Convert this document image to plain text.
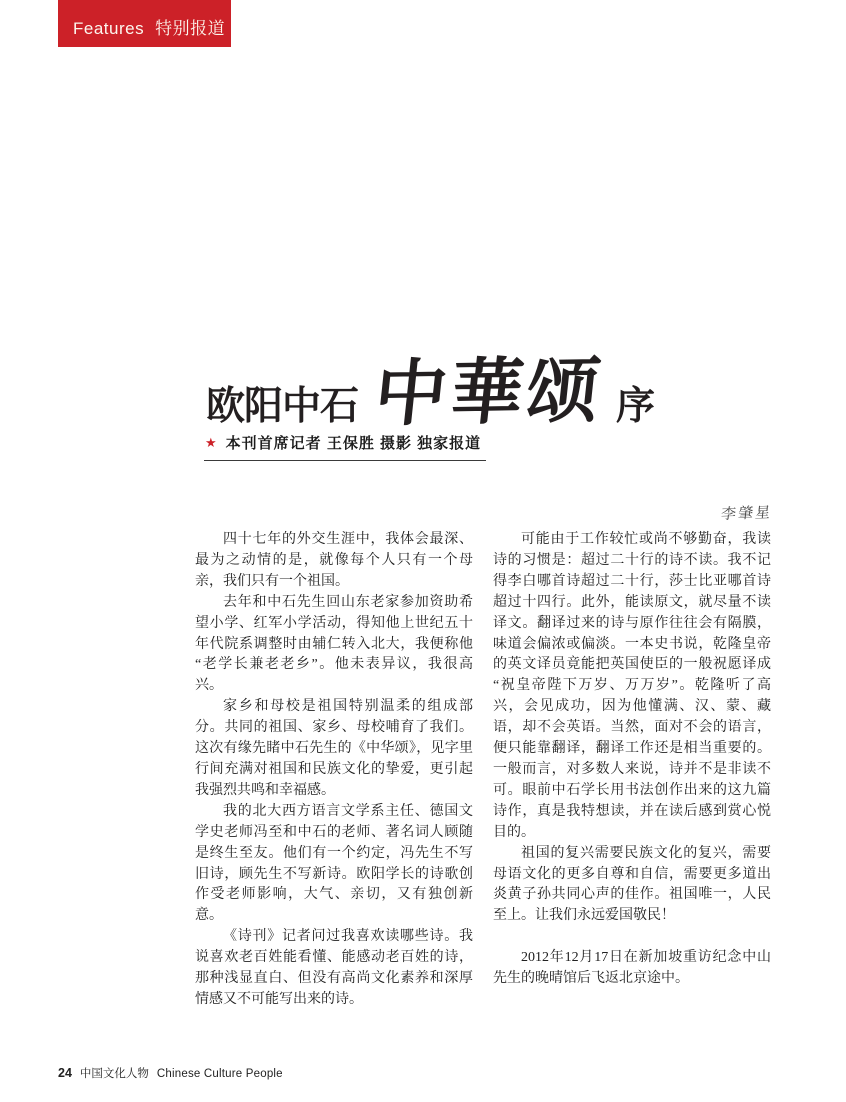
Features 特别报道
欧阳中石 中華颂 序
★ 本刊首席记者 王保胜 摄影 独家报道
李肇星

四十七年的外交生涯中，我体会最深、最为之动情的是，就像每个人只有一个母亲，我们只有一个祖国。

去年和中石先生回山东老家参加资助希望小学、红军小学活动，得知他上世纪五十年代院系调整时由辅仁转入北大，我便称他“老学长兼老老乡”。他未表异议，我很高兴。

家乡和母校是祖国特别温柔的组成部分。共同的祖国、家乡、母校哺育了我们。这次有缘先睹中石先生的《中华颂》，见字里行间充满对祖国和民族文化的挚爱，更引起我强烈共鸣和幸福感。

我的北大西方语言文学系主任、德国文学史老师冯至和中石的老师、著名词人顾随是终生至友。他们有一个约定，冯先生不写旧诗，顾先生不写新诗。欧阳学长的诗歌创作受老师影响，大气、亲切，又有独创新意。

《诗刊》记者问过我喜欢读哪些诗。我说喜欢老百姓能看懂、能感动老百姓的诗，那种浅显直白、但没有高尚文化素养和深厚情感又不可能写出来的诗。

可能由于工作较忙或尚不够勤奋，我读诗的习惯是：超过二十行的诗不读。我不记得李白哪首诗超过二十行，莎士比亚哪首诗超过十四行。此外，能读原文，就尽量不读译文。翻译过来的诗与原作往往会有隔膜，味道会偏浓或偏淡。一本史书说，乾隆皇帝的英文译员竟能把英国使臣的一般祝愿译成“祝皇帝陛下万岁、万万岁”。乾隆听了高兴，会见成功，因为他懂满、汉、蒙、藏语，却不会英语。当然，面对不会的语言，便只能靠翻译，翻译工作还是相当重要的。一般而言，对多数人来说，诗并不是非读不可。眼前中石学长用书法创作出来的这九篇诗作，真是我特想读，并在读后感到赏心悦目的。

祖国的复兴需要民族文化的复兴，需要母语文化的更多自尊和自信，需要更多道出炎黄子孙共同心声的佳作。祖国唯一，人民至上。让我们永远爱国敬民！

2012年12月17日在新加坡重访纪念中山先生的晚晴馆后飞返北京途中。

24 中国文化人物 Chinese Culture People
